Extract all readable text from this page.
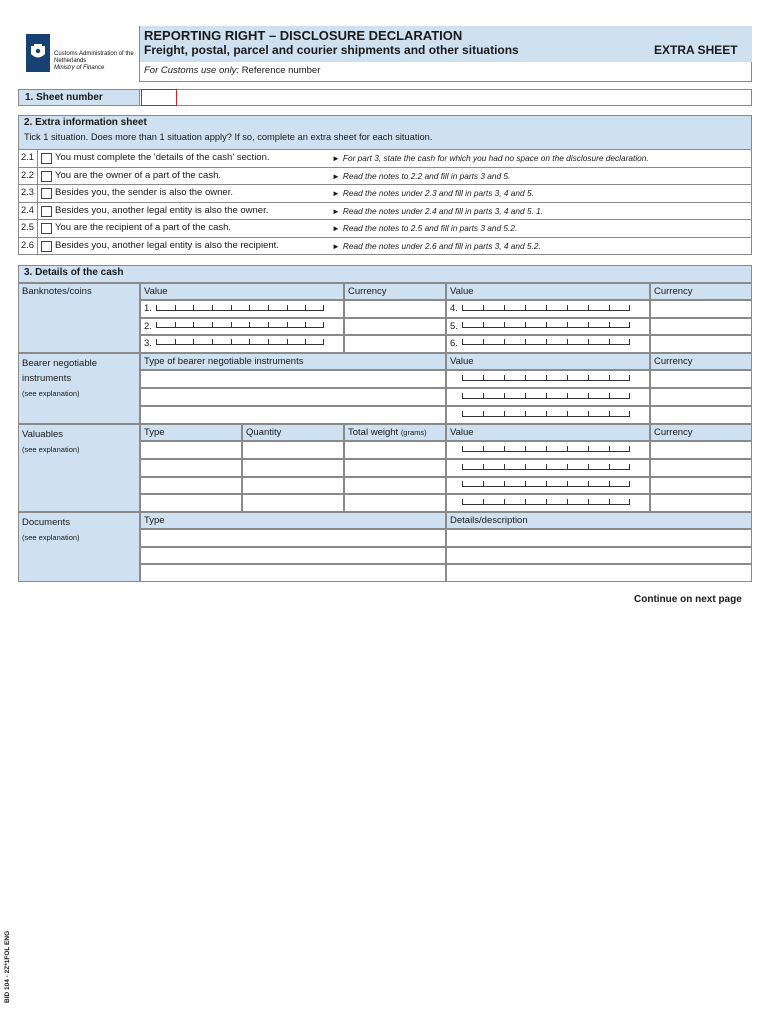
Customs Administration of the
Netherlands
Ministry of Finance
REPORTING RIGHT – DISCLOSURE DECLARATION
Freight, postal, parcel and courier shipments and other situations	EXTRA SHEET
For Customs use only: Reference number
1. Sheet number
2. Extra information sheet
Tick 1 situation. Does more than 1 situation apply? If so, complete an extra sheet for each situation.
2.1	You must complete the 'details of the cash' section.	► For part 3, state the cash for which you had no space on the disclosure declaration.
2.2	You are the owner of a part of the cash.	► Read the notes to 2.2 and fill in parts 3 and 5.
2.3	Besides you, the sender is also the owner.	► Read the notes under 2.3 and fill in parts 3, 4 and 5.
2.4	Besides you, another legal entity is also the owner.	► Read the notes under 2.4 and fill in parts 3, 4 and 5. 1.
2.5	You are the recipient of a part of the cash.	► Read the notes to 2.5 and fill in parts 3 and 5.2.
2.6	Besides you, another legal entity is also the recipient.	► Read the notes under 2.6 and fill in parts 3, 4 and 5.2.
3. Details of the cash
Banknotes/coins	Value	Currency	Value	Currency
1.	4.
2.	5.
3.	6.
Bearer negotiable instruments
(see explanation)
Type of bearer negotiable instruments	Value	Currency
Valuables
(see explanation)
Type	Quantity	Total weight (grams)	Value	Currency
Documents
(see explanation)
Type	Details/description
Continue on next page
BID 104 - 2Z*1FOL ENG
